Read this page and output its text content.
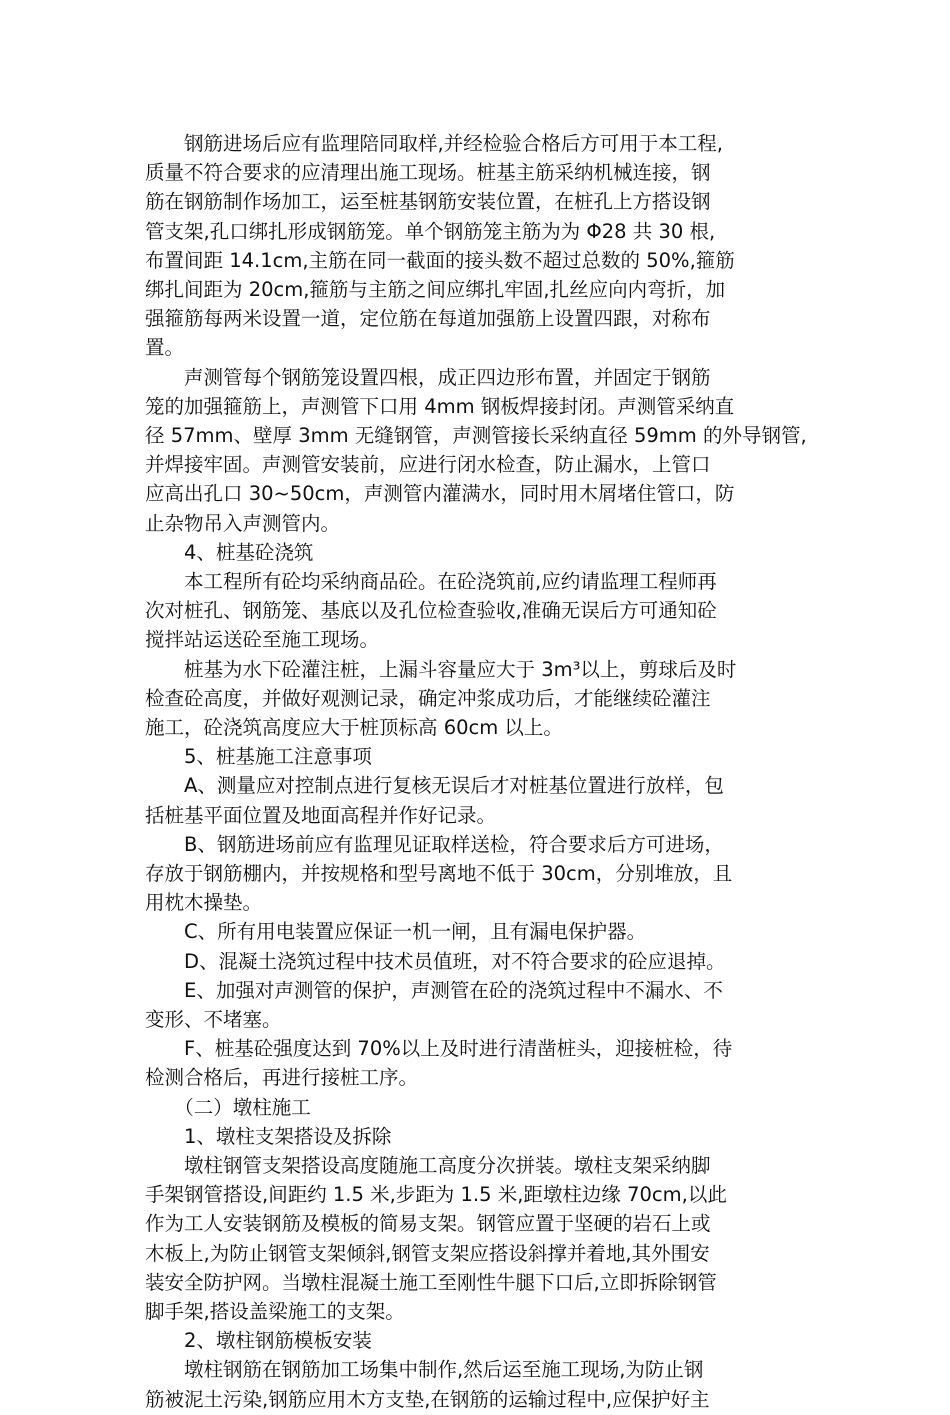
　　钢筋进场后应有监理陪同取样,并经检验合格后方可用于本工程,

质量不符合要求的应清理出施工现场。桩基主筋采纳机械连接，钢

筋在钢筋制作场加工，运至桩基钢筋安装位置，在桩孔上方搭设钢

管支架,孔口绑扎形成钢筋笼。单个钢筋笼主筋为为 Φ28 共 30 根,

布置间距 14.1cm,主筋在同一截面的接头数不超过总数的 50%,箍筋

绑扎间距为 20cm,箍筋与主筋之间应绑扎牢固,扎丝应向内弯折，加

强箍筋每两米设置一道，定位筋在每道加强筋上设置四跟，对称布

置。

　　声测管每个钢筋笼设置四根，成正四边形布置，并固定于钢筋

笼的加强箍筋上，声测管下口用 4mm 钢板焊接封闭。声测管采纳直

径 57mm、壁厚 3mm 无缝钢管，声测管接长采纳直径 59mm 的外导钢管,

并焊接牢固。声测管安装前，应进行闭水检查，防止漏水，上管口

应高出孔口 30~50cm，声测管内灌满水，同时用木屑堵住管口，防

止杂物吊入声测管内。

　　4、桩基砼浇筑

　　本工程所有砼均采纳商品砼。在砼浇筑前,应约请监理工程师再

次对桩孔、钢筋笼、基底以及孔位检查验收,准确无误后方可通知砼

搅拌站运送砼至施工现场。

　　桩基为水下砼灌注桩，上漏斗容量应大于 3m³以上，剪球后及时

检查砼高度，并做好观测记录，确定冲浆成功后，才能继续砼灌注

施工，砼浇筑高度应大于桩顶标高 60cm 以上。

　　5、桩基施工注意事项

　　A、测量应对控制点进行复核无误后才对桩基位置进行放样，包

括桩基平面位置及地面高程并作好记录。

　　B、钢筋进场前应有监理见证取样送检，符合要求后方可进场，

存放于钢筋棚内，并按规格和型号离地不低于 30cm，分别堆放，且

用枕木操垫。

　　C、所有用电装置应保证一机一闸，且有漏电保护器。

　　D、混凝土浇筑过程中技术员值班，对不符合要求的砼应退掉。

　　E、加强对声测管的保护，声测管在砼的浇筑过程中不漏水、不

变形、不堵塞。

　　F、桩基砼强度达到 70%以上及时进行清凿桩头，迎接桩检，待

检测合格后，再进行接桩工序。

　　（二）墩柱施工

　　1、墩柱支架搭设及拆除

　　墩柱钢管支架搭设高度随施工高度分次拼装。墩柱支架采纳脚

手架钢管搭设,间距约 1.5 米,步距为 1.5 米,距墩柱边缘 70cm,以此

作为工人安装钢筋及模板的简易支架。钢管应置于坚硬的岩石上或

木板上,为防止钢管支架倾斜,钢管支架应搭设斜撑并着地,其外围安

装安全防护网。当墩柱混凝土施工至刚性牛腿下口后,立即拆除钢管

脚手架,搭设盖梁施工的支架。

　　2、墩柱钢筋模板安装

　　墩柱钢筋在钢筋加工场集中制作,然后运至施工现场,为防止钢

筋被泥土污染,钢筋应用木方支垫,在钢筋的运输过程中,应保护好主
